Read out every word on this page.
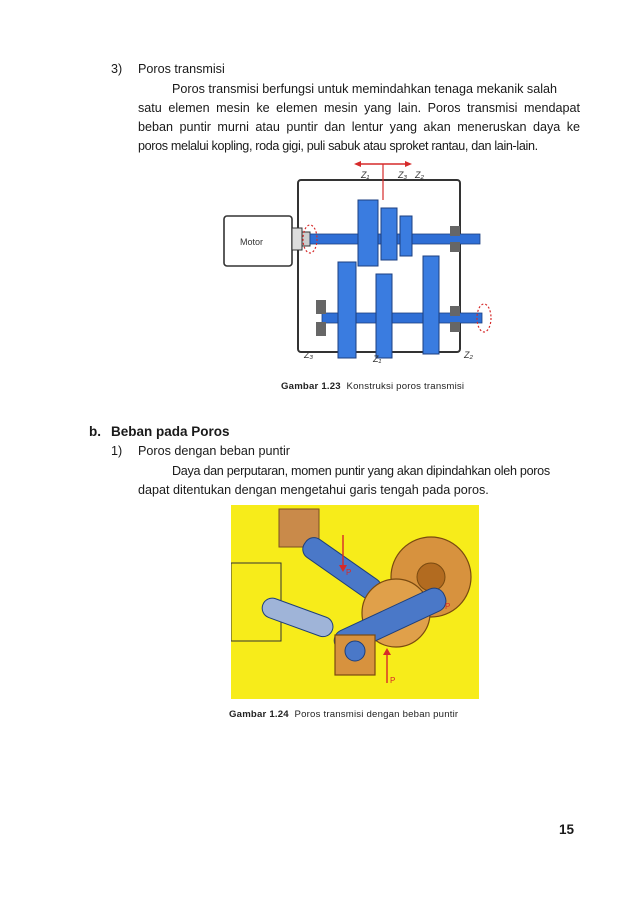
3) Poros transmisi
Poros transmisi berfungsi untuk memindahkan tenaga mekanik salah
satu elemen mesin ke elemen mesin yang lain. Poros transmisi mendapat
beban puntir murni atau puntir dan lentur yang akan meneruskan daya ke
poros melalui kopling, roda gigi, puli sabuk atau sproket rantau, dan lain-lain.
Motor
Z₁	Z₃ Z₂
Z₃	Z₁	Z₂
Gambar 1.23 Konstruksi poros transmisi
b. Beban pada Poros
1) Poros dengan beban puntir
Daya dan perputaran, momen puntir yang akan dipindahkan oleh poros
dapat ditentukan dengan mengetahui garis tengah pada poros.
P
P
P
Gambar 1.24 Poros transmisi dengan beban puntir
15
